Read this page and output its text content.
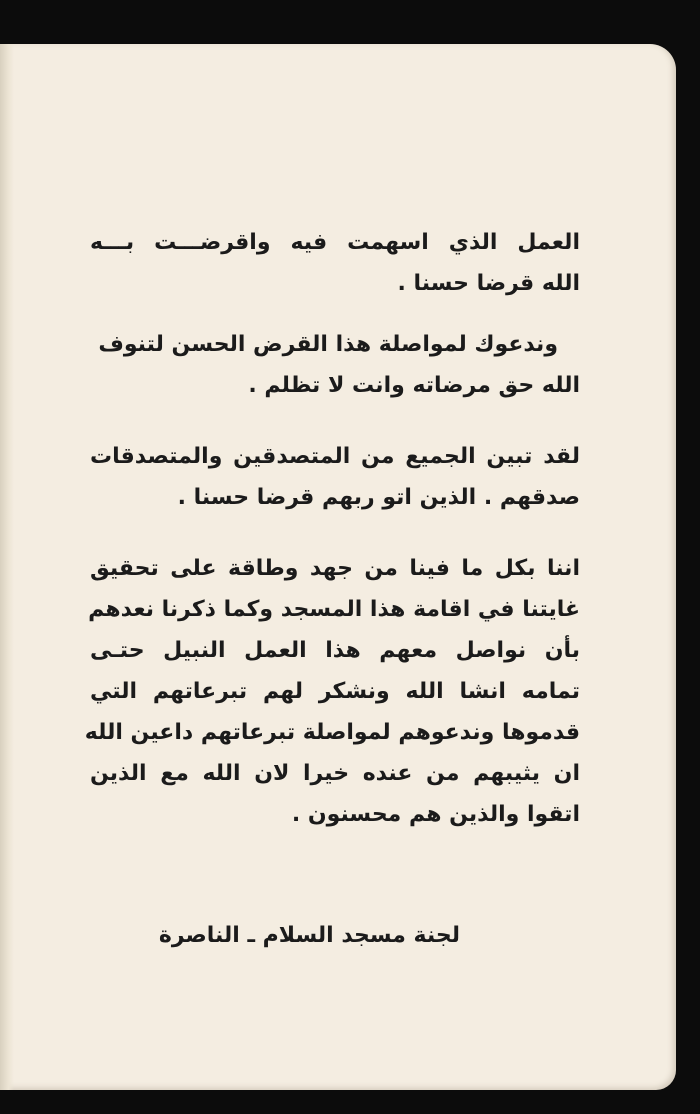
العمل الذي اسهمت فيه واقرضـــت بـــه
الله قرضا حسنا .
وندعوك لمواصلة هذا القرض الحسن لتنوف
الله حق مرضاته وانت لا تظلم .
لقد تبين الجميع من المتصدقين والمتصدقات
صدقهم . الذين اتو ربهم قرضا حسنا .
اننا بكل ما فينا من جهد وطاقة على تحقيق
غايتنا في اقامة هذا المسجد وكما ذكرنا نعدهم
بأن نواصل معهم هذا العمل النبيل حتـى
تمامه انشا الله ونشكر لهم تبرعاتهم التي
قدموها وندعوهم لمواصلة تبرعاتهم داعين الله
ان يثيبهم من عنده خيرا لان الله مع الذين
اتقوا والذين هم محسنون .
لجنة مسجد السلام ـ الناصرة
